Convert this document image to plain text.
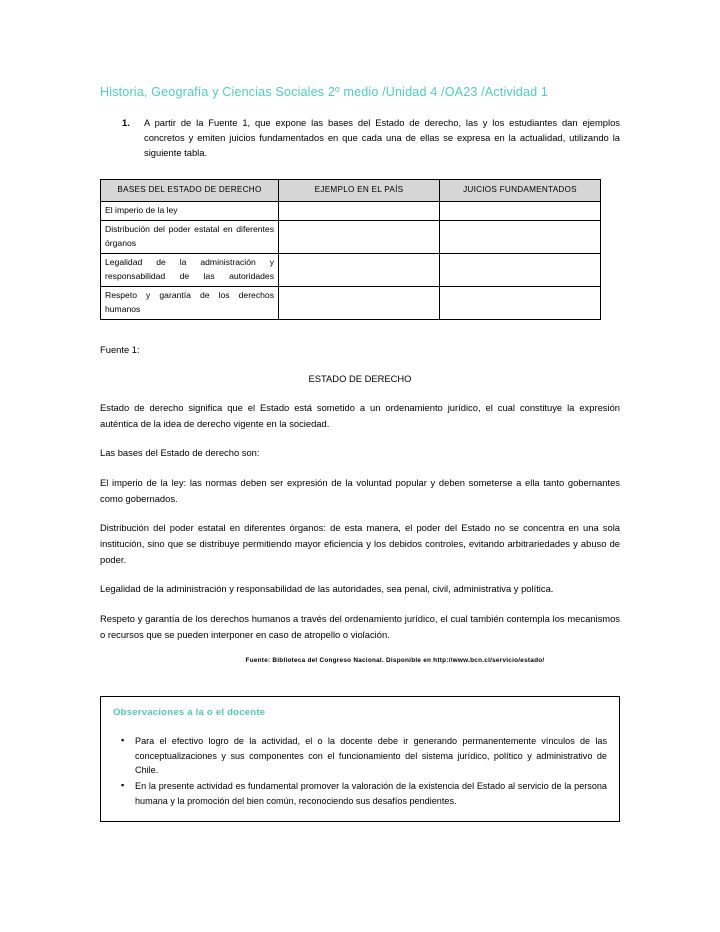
Historia, Geografía y Ciencias Sociales 2º medio /Unidad 4 /OA23 /Actividad 1
1.	A partir de la Fuente 1, que expone las bases del Estado de derecho, las y los estudiantes dan ejemplos concretos y emiten juicios fundamentados en que cada una de ellas se expresa en la actualidad, utilizando la siguiente tabla.
BASES DEL ESTADO DE DERECHO	EJEMPLO EN EL PAÍS	JUICIOS FUNDAMENTADOS
El imperio de la ley		
Distribución del poder estatal en diferentes órganos		
Legalidad de la administración y responsabilidad de las autoridades		
Respeto y garantía de los derechos humanos		
Fuente 1:
ESTADO DE DERECHO

Estado de derecho significa que el Estado está sometido a un ordenamiento jurídico, el cual constituye la expresión auténtica de la idea de derecho vigente en la sociedad.

Las bases del Estado de derecho son:

El imperio de la ley: las normas deben ser expresión de la voluntad popular y deben someterse a ella tanto gobernantes como gobernados.

Distribución del poder estatal en diferentes órganos: de esta manera, el poder del Estado no se concentra en una sola institución, sino que se distribuye permitiendo mayor eficiencia y los debidos controles, evitando arbitrariedades y abuso de poder.

Legalidad de la administración y responsabilidad de las autoridades, sea penal, civil, administrativa y política.

Respeto y garantía de los derechos humanos a través del ordenamiento jurídico, el cual también contempla los mecanismos o recursos que se pueden interponer en caso de atropello o violación.

Fuente: Biblioteca del Congreso Nacional. Disponible en http://www.bcn.cl/servicio/estado/
Observaciones a la o el docente
▪ Para el efectivo logro de la actividad, el o la docente debe ir generando permanentemente vínculos de las conceptualizaciones y sus componentes con el funcionamiento del sistema jurídico, político y administrativo de Chile.
▪ En la presente actividad es fundamental promover la valoración de la existencia del Estado al servicio de la persona humana y la promoción del bien común, reconociendo sus desafíos pendientes.
